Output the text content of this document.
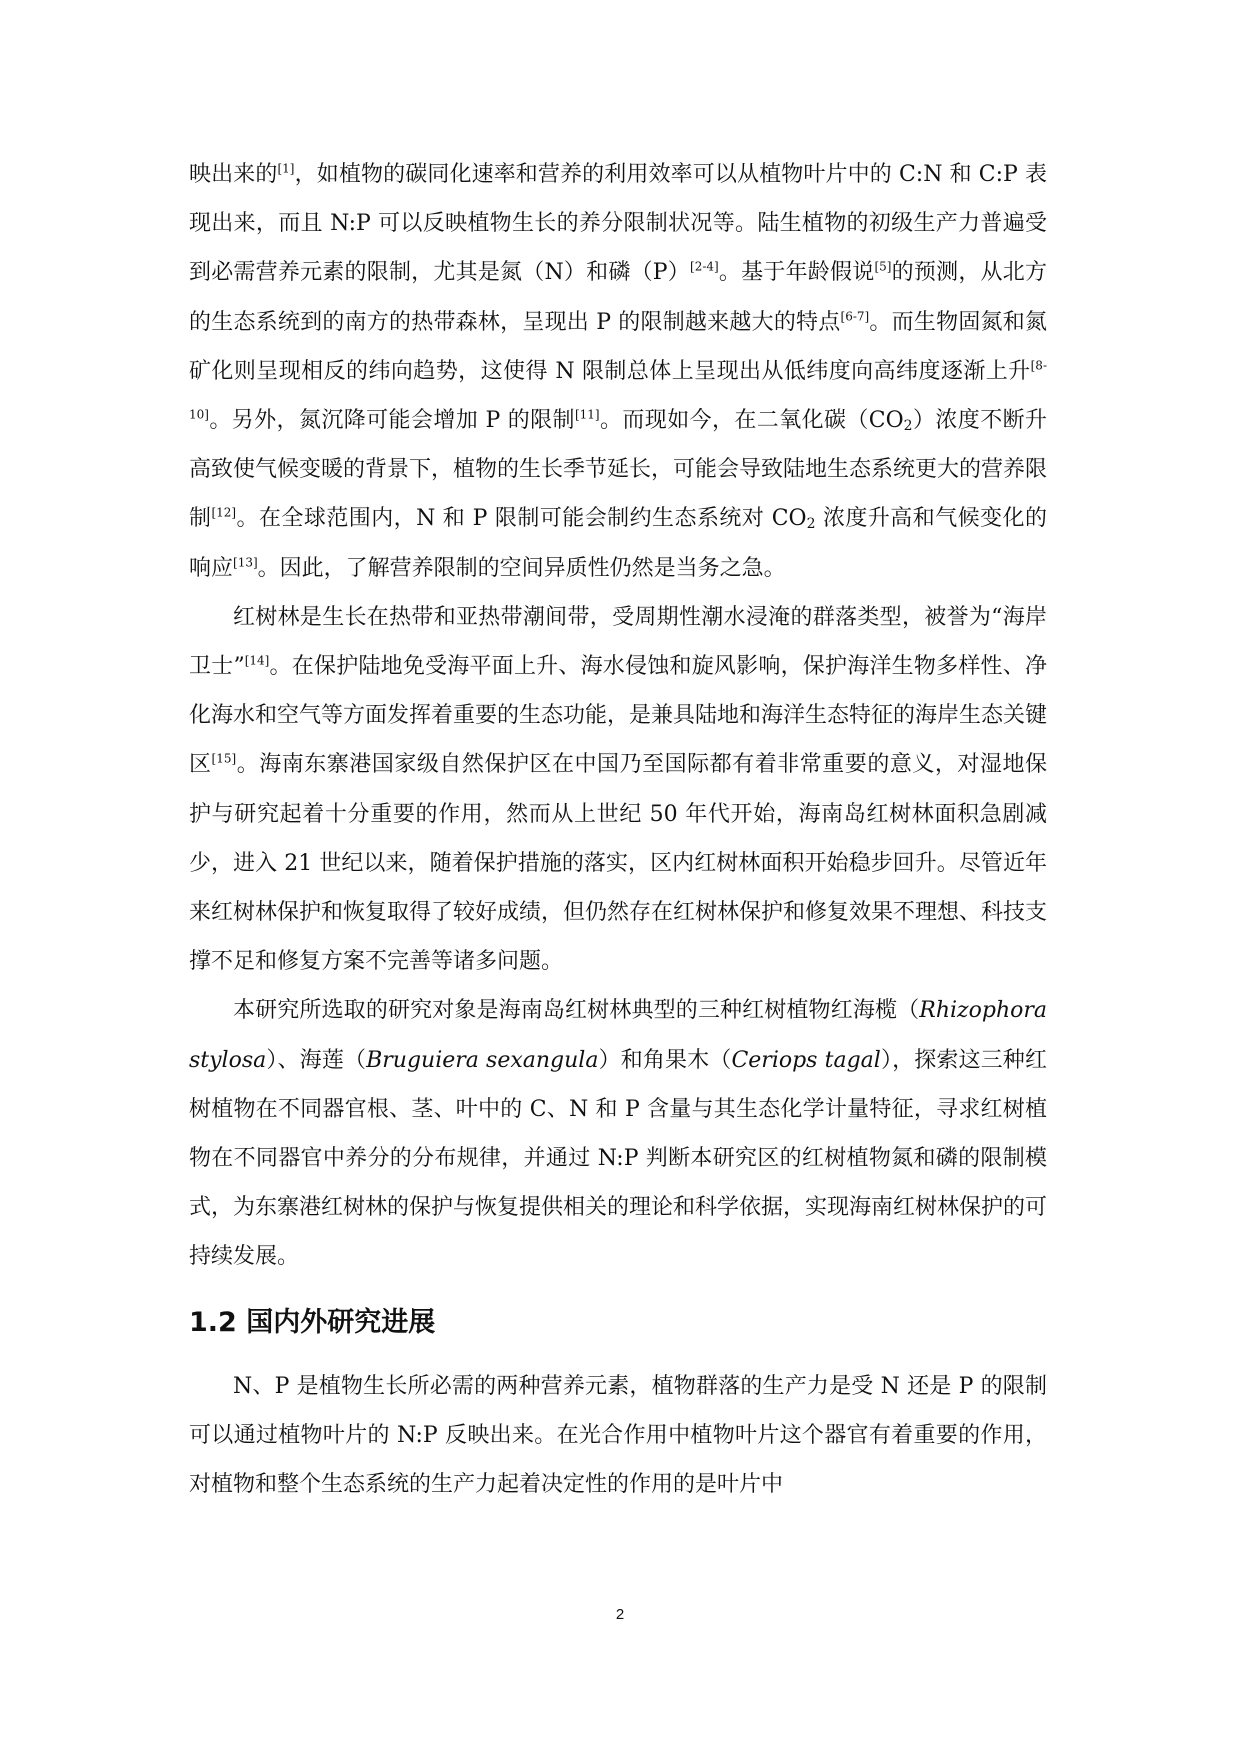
映出来的[1]，如植物的碳同化速率和营养的利用效率可以从植物叶片中的 C:N 和 C:P 表现出来，而且 N:P 可以反映植物生长的养分限制状况等。陆生植物的初级生产力普遍受到必需营养元素的限制，尤其是氮（N）和磷（P）[2-4]。基于年龄假说[5]的预测，从北方的生态系统到的南方的热带森林，呈现出 P 的限制越来越大的特点[6-7]。而生物固氮和氮矿化则呈现相反的纬向趋势，这使得 N 限制总体上呈现出从低纬度向高纬度逐渐上升[8-10]。另外，氮沉降可能会增加 P 的限制[11]。而现如今，在二氧化碳$(CO_2)$浓度不断升高致使气候变暖的背景下，植物的生长季节延长，可能会导致陆地生态系统更大的营养限制[12]。在全球范围内，N 和 P 限制可能会制约生态系统对 $CO_2$ 浓度升高和气候变化的响应[13]。因此，了解营养限制的空间异质性仍然是当务之急。

红树林是生长在热带和亚热带潮间带，受周期性潮水浸淹的群落类型，被誉为“海岸卫士”[14]。在保护陆地免受海平面上升、海水侵蚀和旋风影响，保护海洋生物多样性、净化海水和空气等方面发挥着重要的生态功能，是兼具陆地和海洋生态特征的海岸生态关键区[15]。海南东寨港国家级自然保护区在中国乃至国际都有着非常重要的意义，对湿地保护与研究起着十分重要的作用，然而从上世纪 50 年代开始，海南岛红树林面积急剧减少，进入 21 世纪以来，随着保护措施的落实，区内红树林面积开始稳步回升。尽管近年来红树林保护和恢复取得了较好成绩，但仍然存在红树林保护和修复效果不理想、科技支撑不足和修复方案不完善等诸多问题。

本研究所选取的研究对象是海南岛红树林典型的三种红树植物红海榄（Rhizophora stylosa）、海莲（Bruguiera sexangula）和角果木（Ceriops tagal），探索这三种红树植物在不同器官根、茎、叶中的 C、N 和 P 含量与其生态化学计量特征，寻求红树植物在不同器官中养分的分布规律，并通过 N:P 判断本研究区的红树植物氮和磷的限制模式，为东寨港红树林的保护与恢复提供相关的理论和科学依据，实现海南红树林保护的可持续发展。

1.2 国内外研究进展

N、P 是植物生长所必需的两种营养元素，植物群落的生产力是受 N 还是 P 的限制可以通过植物叶片的 N:P 反映出来。在光合作用中植物叶片这个器官有着重要的作用，对植物和整个生态系统的生产力起着决定性的作用的是叶片中

2
